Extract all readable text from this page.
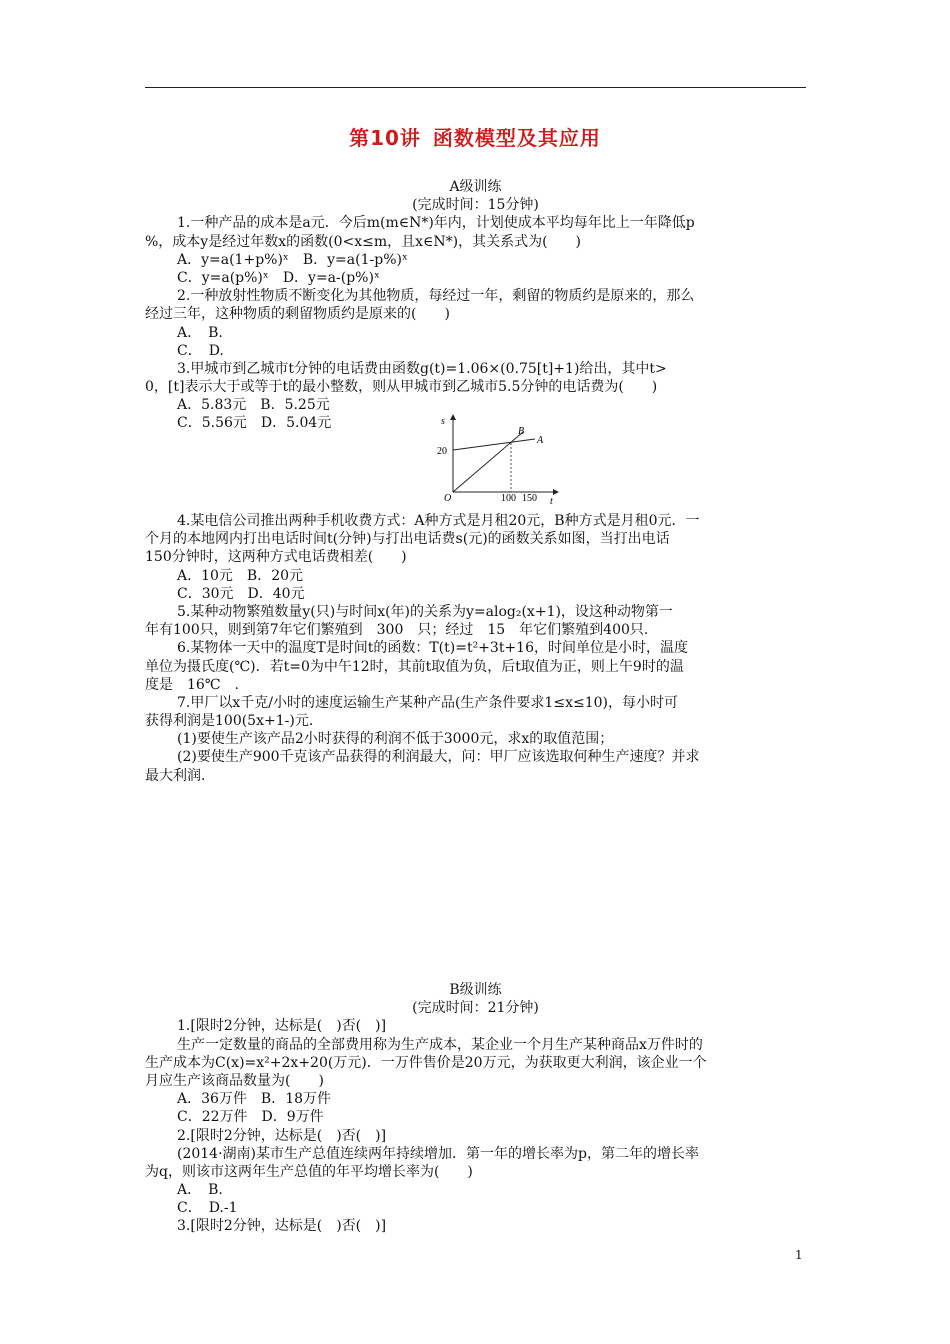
第10讲 函数模型及其应用
A级训练
(完成时间：15分钟)
1.一种产品的成本是a元．今后m(m∈N*)年内，计划使成本平均每年比上一年降低p
%，成本y是经过年数x的函数(0<x≤m，且x∈N*)，其关系式为(　　)
A．y=a(1+p%)ˣ　B．y=a(1-p%)ˣ
C．y=a(p%)ˣ　D．y=a-(p%)ˣ
2.一种放射性物质不断变化为其他物质，每经过一年，剩留的物质约是原来的，那么
经过三年，这种物质的剩留物质约是原来的(　　)
A．　B.
C．　D.
3.甲城市到乙城市t分钟的电话费由函数g(t)=1.06×(0.75[t]+1)给出，其中t>
0，[t]表示大于或等于t的最小整数，则从甲城市到乙城市5.5分钟的电话费为(　　)
A．5.83元　B．5.25元
C．5.56元　D．5.04元	s
t
20
O	100 150
A
B
4.某电信公司推出两种手机收费方式：A种方式是月租20元，B种方式是月租0元．一
个月的本地网内打出电话时间t(分钟)与打出电话费s(元)的函数关系如图，当打出电话
150分钟时，这两种方式电话费相差(　　)
A．10元　B．20元
C．30元　D．40元
5.某种动物繁殖数量y(只)与时间x(年)的关系为y=alog₂(x+1)，设这种动物第一
年有100只，则到第7年它们繁殖到　300　只；经过　15　年它们繁殖到400只．
6.某物体一天中的温度T是时间t的函数：T(t)=t²+3t+16，时间单位是小时，温度
单位为摄氏度(℃)．若t=0为中午12时，其前t取值为负，后t取值为正，则上午9时的温
度是　16℃　.
7.甲厂以x千克/小时的速度运输生产某种产品(生产条件要求1≤x≤10)，每小时可
获得利润是100(5x+1-)元．
(1)要使生产该产品2小时获得的利润不低于3000元，求x的取值范围；
(2)要使生产900千克该产品获得的利润最大，问：甲厂应该选取何种生产速度？并求
最大利润．
B级训练
(完成时间：21分钟)
1.[限时2分钟，达标是(　)否(　)]
生产一定数量的商品的全部费用称为生产成本，某企业一个月生产某种商品x万件时的
生产成本为C(x)=x²+2x+20(万元)．一万件售价是20万元，为获取更大利润，该企业一个
月应生产该商品数量为(　　)
A．36万件　B．18万件
C．22万件　D．9万件
2.[限时2分钟，达标是(　)否(　)]
(2014·湖南)某市生产总值连续两年持续增加．第一年的增长率为p，第二年的增长率
为q，则该市这两年生产总值的年平均增长率为(　　)
A．　B.
C．　D.-1
3.[限时2分钟，达标是(　)否(　)]
1
